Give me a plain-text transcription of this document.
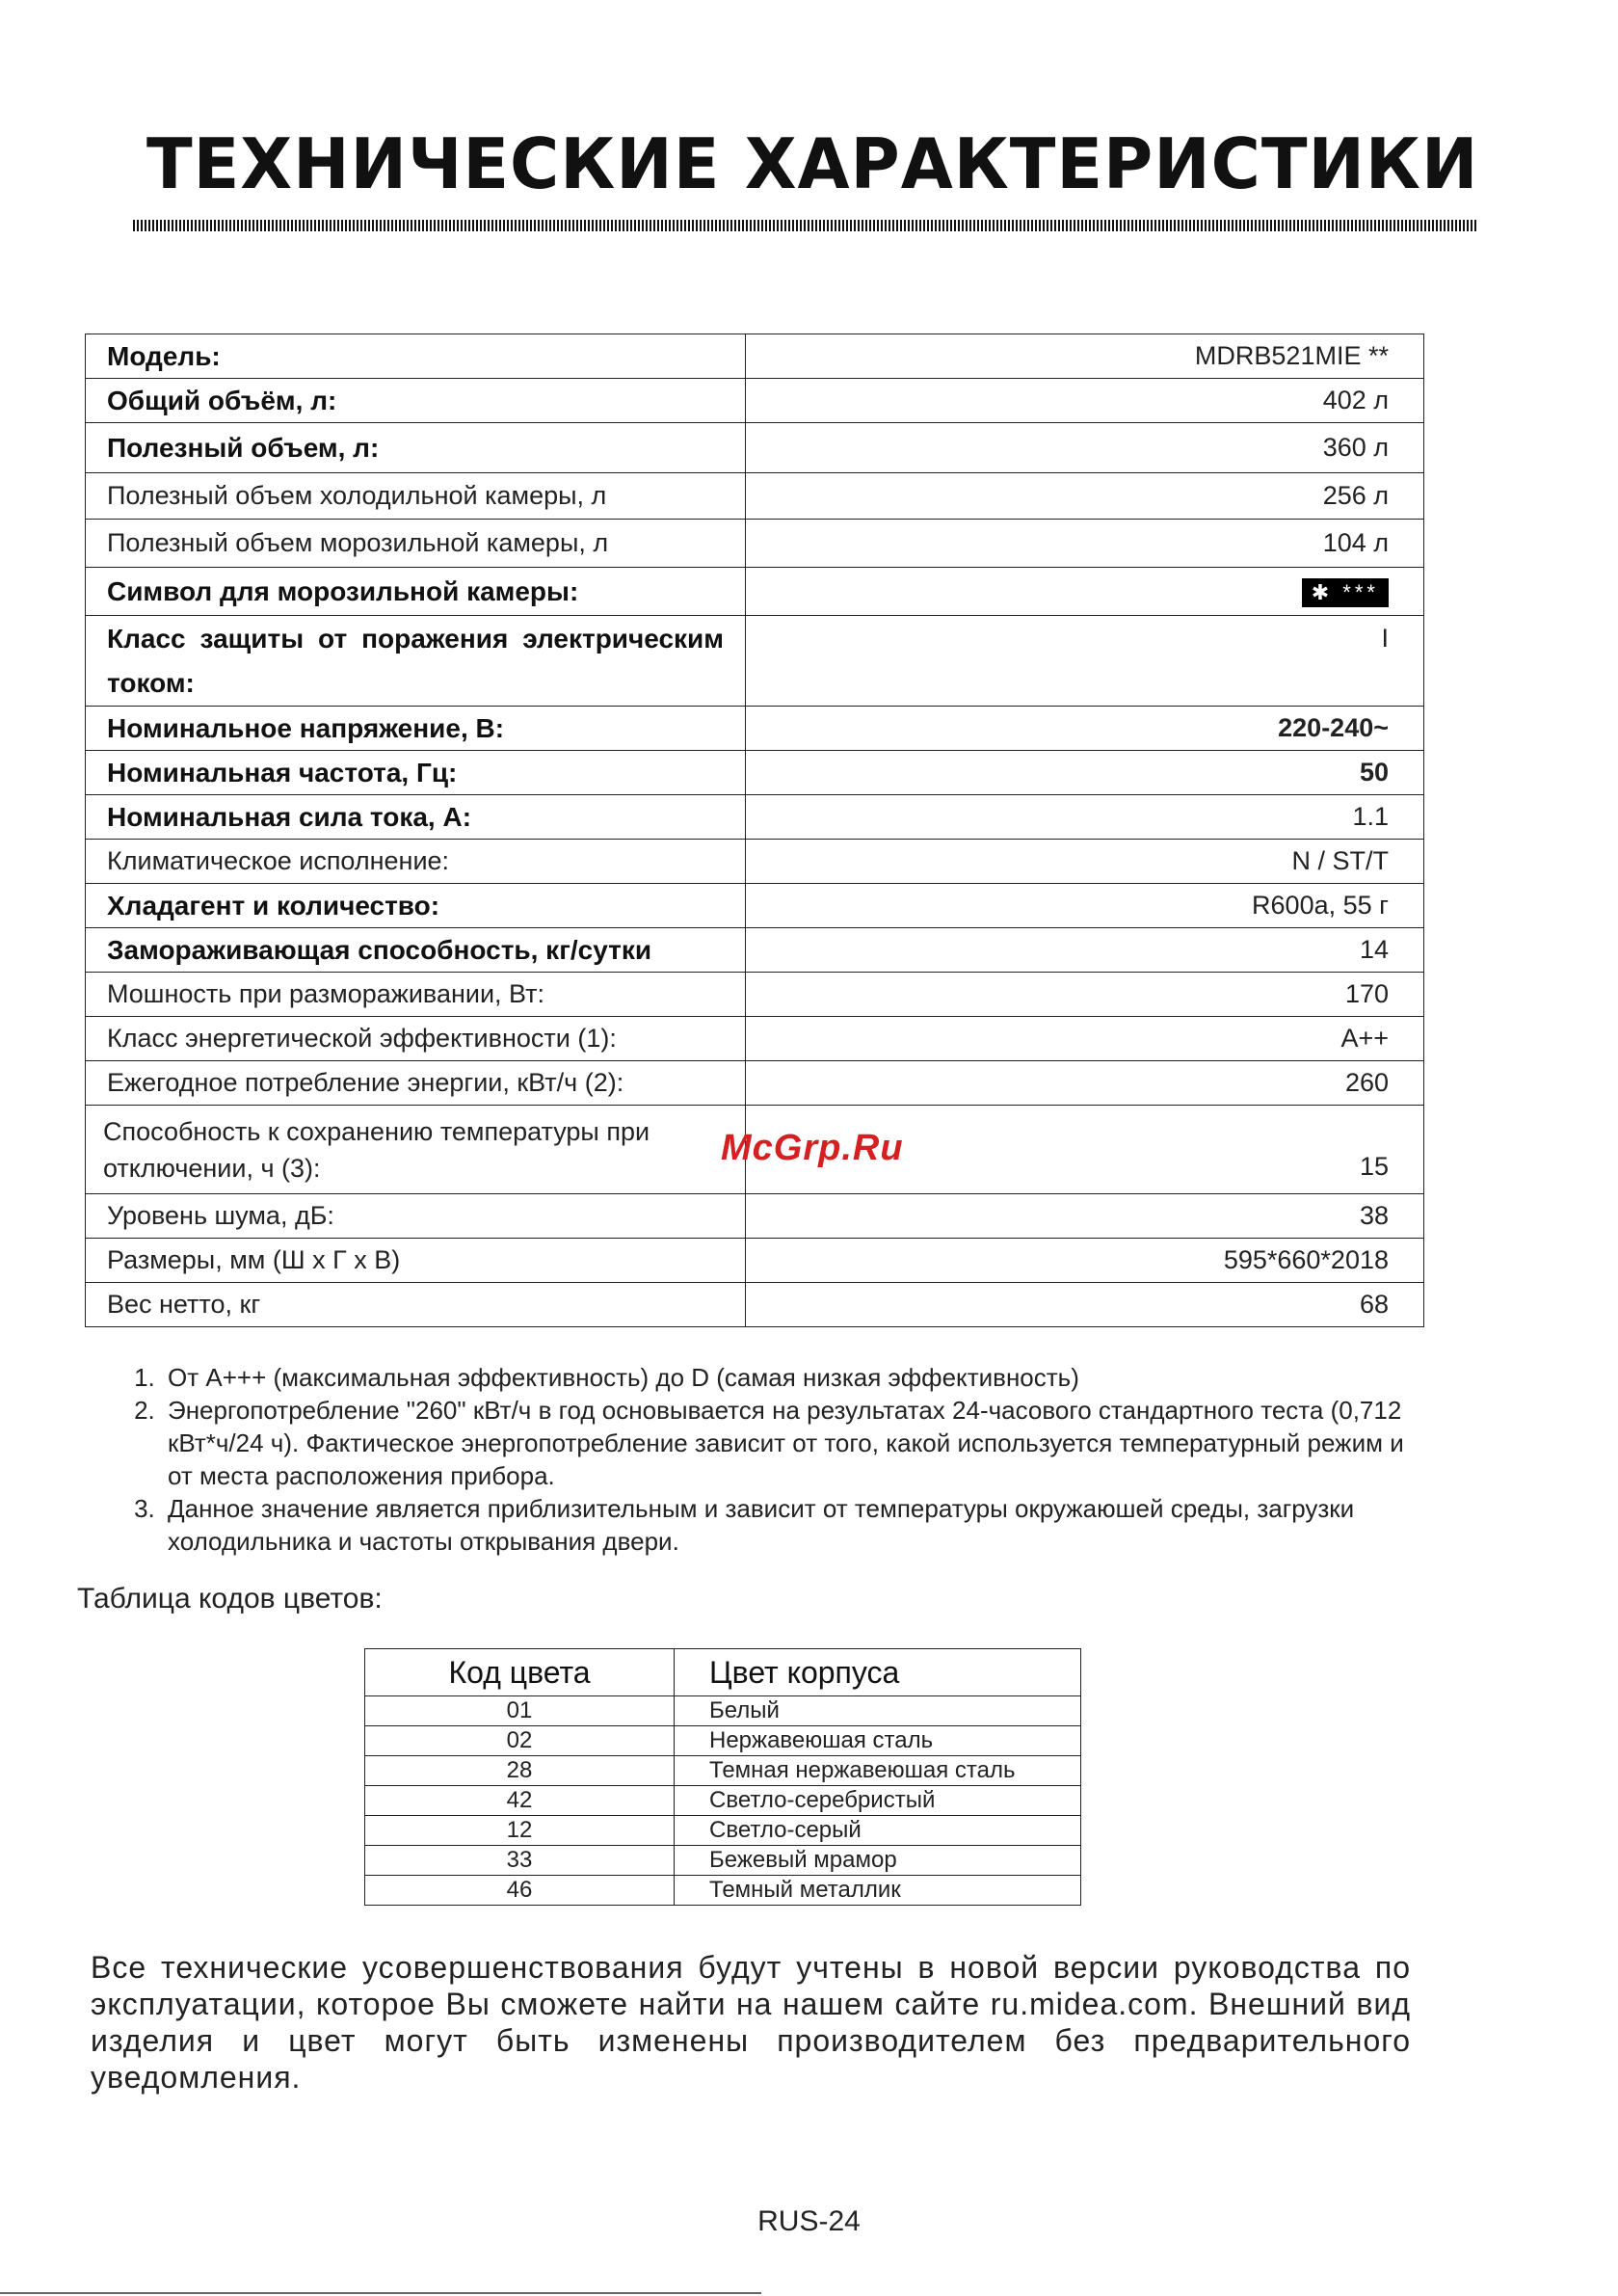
ТЕХНИЧЕСКИЕ ХАРАКТЕРИСТИКИ
Модель:	MDRB521MIE **
Общий объём, л:	402 л
Полезный объем, л:	360 л
Полезный объем холодильной камеры, л	256 л
Полезный объем морозильной камеры, л	104 л
Символ для морозильной камеры:	✱ ***
Класс защиты от поражения электрическим током:	I
Номинальное напряжение, В:	220-240~
Номинальная частота, Гц:	50
Номинальная сила тока, А:	1.1
Климатическое исполнение:	N / ST/T
Хладагент и количество:	R600a, 55 г
Замораживающая способность, кг/сутки	14
Мошность при размораживании, Вт:	170
Класс энергетической эффективности (1):	A++
Ежегодное потребление энергии, кВт/ч (2):	260
Способность к сохранению температуры при отключении, ч (3):	15
Уровень шума, дБ:	38
Размеры, мм (Ш х Г х В)	595*660*2018
Вес нетто, кг	68
McGrp.Ru
1. От A+++ (максимальная эффективность) до D (самая низкая эффективность)
2. Энергопотребление "260" кВт/ч в год основывается на результатах 24-часового стандартного теста (0,712 кВт*ч/24 ч). Фактическое энергопотребление зависит от того, какой используется температурный режим и от места расположения прибора.
3. Данное значение является приблизительным и зависит от температуры окружаюшей среды, загрузки холодильника и частоты открывания двери.

Таблица кодов цветов:

Код цвета	Цвет корпуса
01	Белый
02	Нержавеюшая сталь
28	Темная нержавеюшая сталь
42	Светло-серебристый
12	Светло-серый
33	Бежевый мрамор
46	Темный металлик

Все технические усовершенствования будут учтены в новой версии руководства по эксплуатации, которое Вы сможете найти на нашем сайте ru.midea.com. Внешний вид изделия и цвет могут быть изменены производителем без предварительного уведомления.

RUS-24
